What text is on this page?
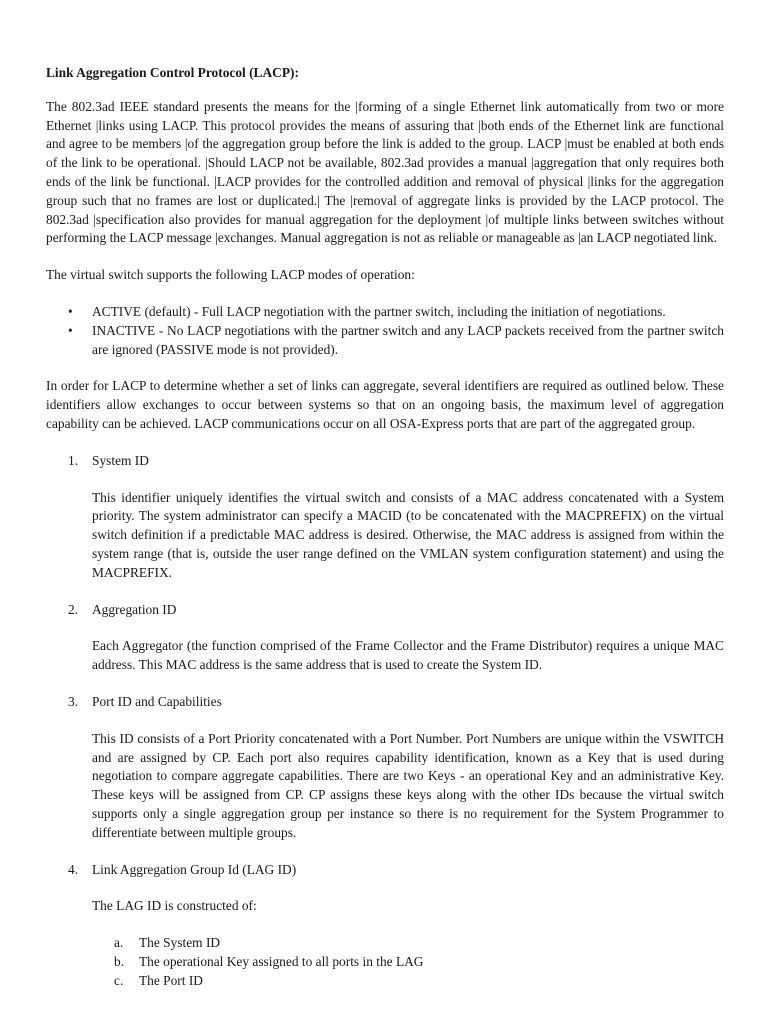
Link Aggregation Control Protocol (LACP):

The 802.3ad IEEE standard presents the means for the |forming of a single Ethernet link automatically from two or more Ethernet |links using LACP. This protocol provides the means of assuring that |both ends of the Ethernet link are functional and agree to be members |of the aggregation group before the link is added to the group. LACP |must be enabled at both ends of the link to be operational. |Should LACP not be available, 802.3ad provides a manual |aggregation that only requires both ends of the link be functional. |LACP provides for the controlled addition and removal of physical |links for the aggregation group such that no frames are lost or duplicated.| The |removal of aggregate links is provided by the LACP protocol. The 802.3ad |specification also provides for manual aggregation for the deployment |of multiple links between switches without performing the LACP message |exchanges. Manual aggregation is not as reliable or manageable as |an LACP negotiated link.

The virtual switch supports the following LACP modes of operation:

• ACTIVE (default) - Full LACP negotiation with the partner switch, including the initiation of negotiations.
• INACTIVE - No LACP negotiations with the partner switch and any LACP packets received from the partner switch are ignored (PASSIVE mode is not provided).

In order for LACP to determine whether a set of links can aggregate, several identifiers are required as outlined below. These identifiers allow exchanges to occur between systems so that on an ongoing basis, the maximum level of aggregation capability can be achieved. LACP communications occur on all OSA-Express ports that are part of the aggregated group.

1.	System ID

This identifier uniquely identifies the virtual switch and consists of a MAC address concatenated with a System priority. The system administrator can specify a MACID (to be concatenated with the MACPREFIX) on the virtual switch definition if a predictable MAC address is desired. Otherwise, the MAC address is assigned from within the system range (that is, outside the user range defined on the VMLAN system configuration statement) and using the MACPREFIX.

2.	Aggregation ID

Each Aggregator (the function comprised of the Frame Collector and the Frame Distributor) requires a unique MAC address. This MAC address is the same address that is used to create the System ID.

3.	Port ID and Capabilities

This ID consists of a Port Priority concatenated with a Port Number. Port Numbers are unique within the VSWITCH and are assigned by CP. Each port also requires capability identification, known as a Key that is used during negotiation to compare aggregate capabilities. There are two Keys - an operational Key and an administrative Key. These keys will be assigned from CP. CP assigns these keys along with the other IDs because the virtual switch supports only a single aggregation group per instance so there is no requirement for the System Programmer to differentiate between multiple groups.

4.	Link Aggregation Group Id (LAG ID)

The LAG ID is constructed of:

a. The System ID
b. The operational Key assigned to all ports in the LAG
c. The Port ID
